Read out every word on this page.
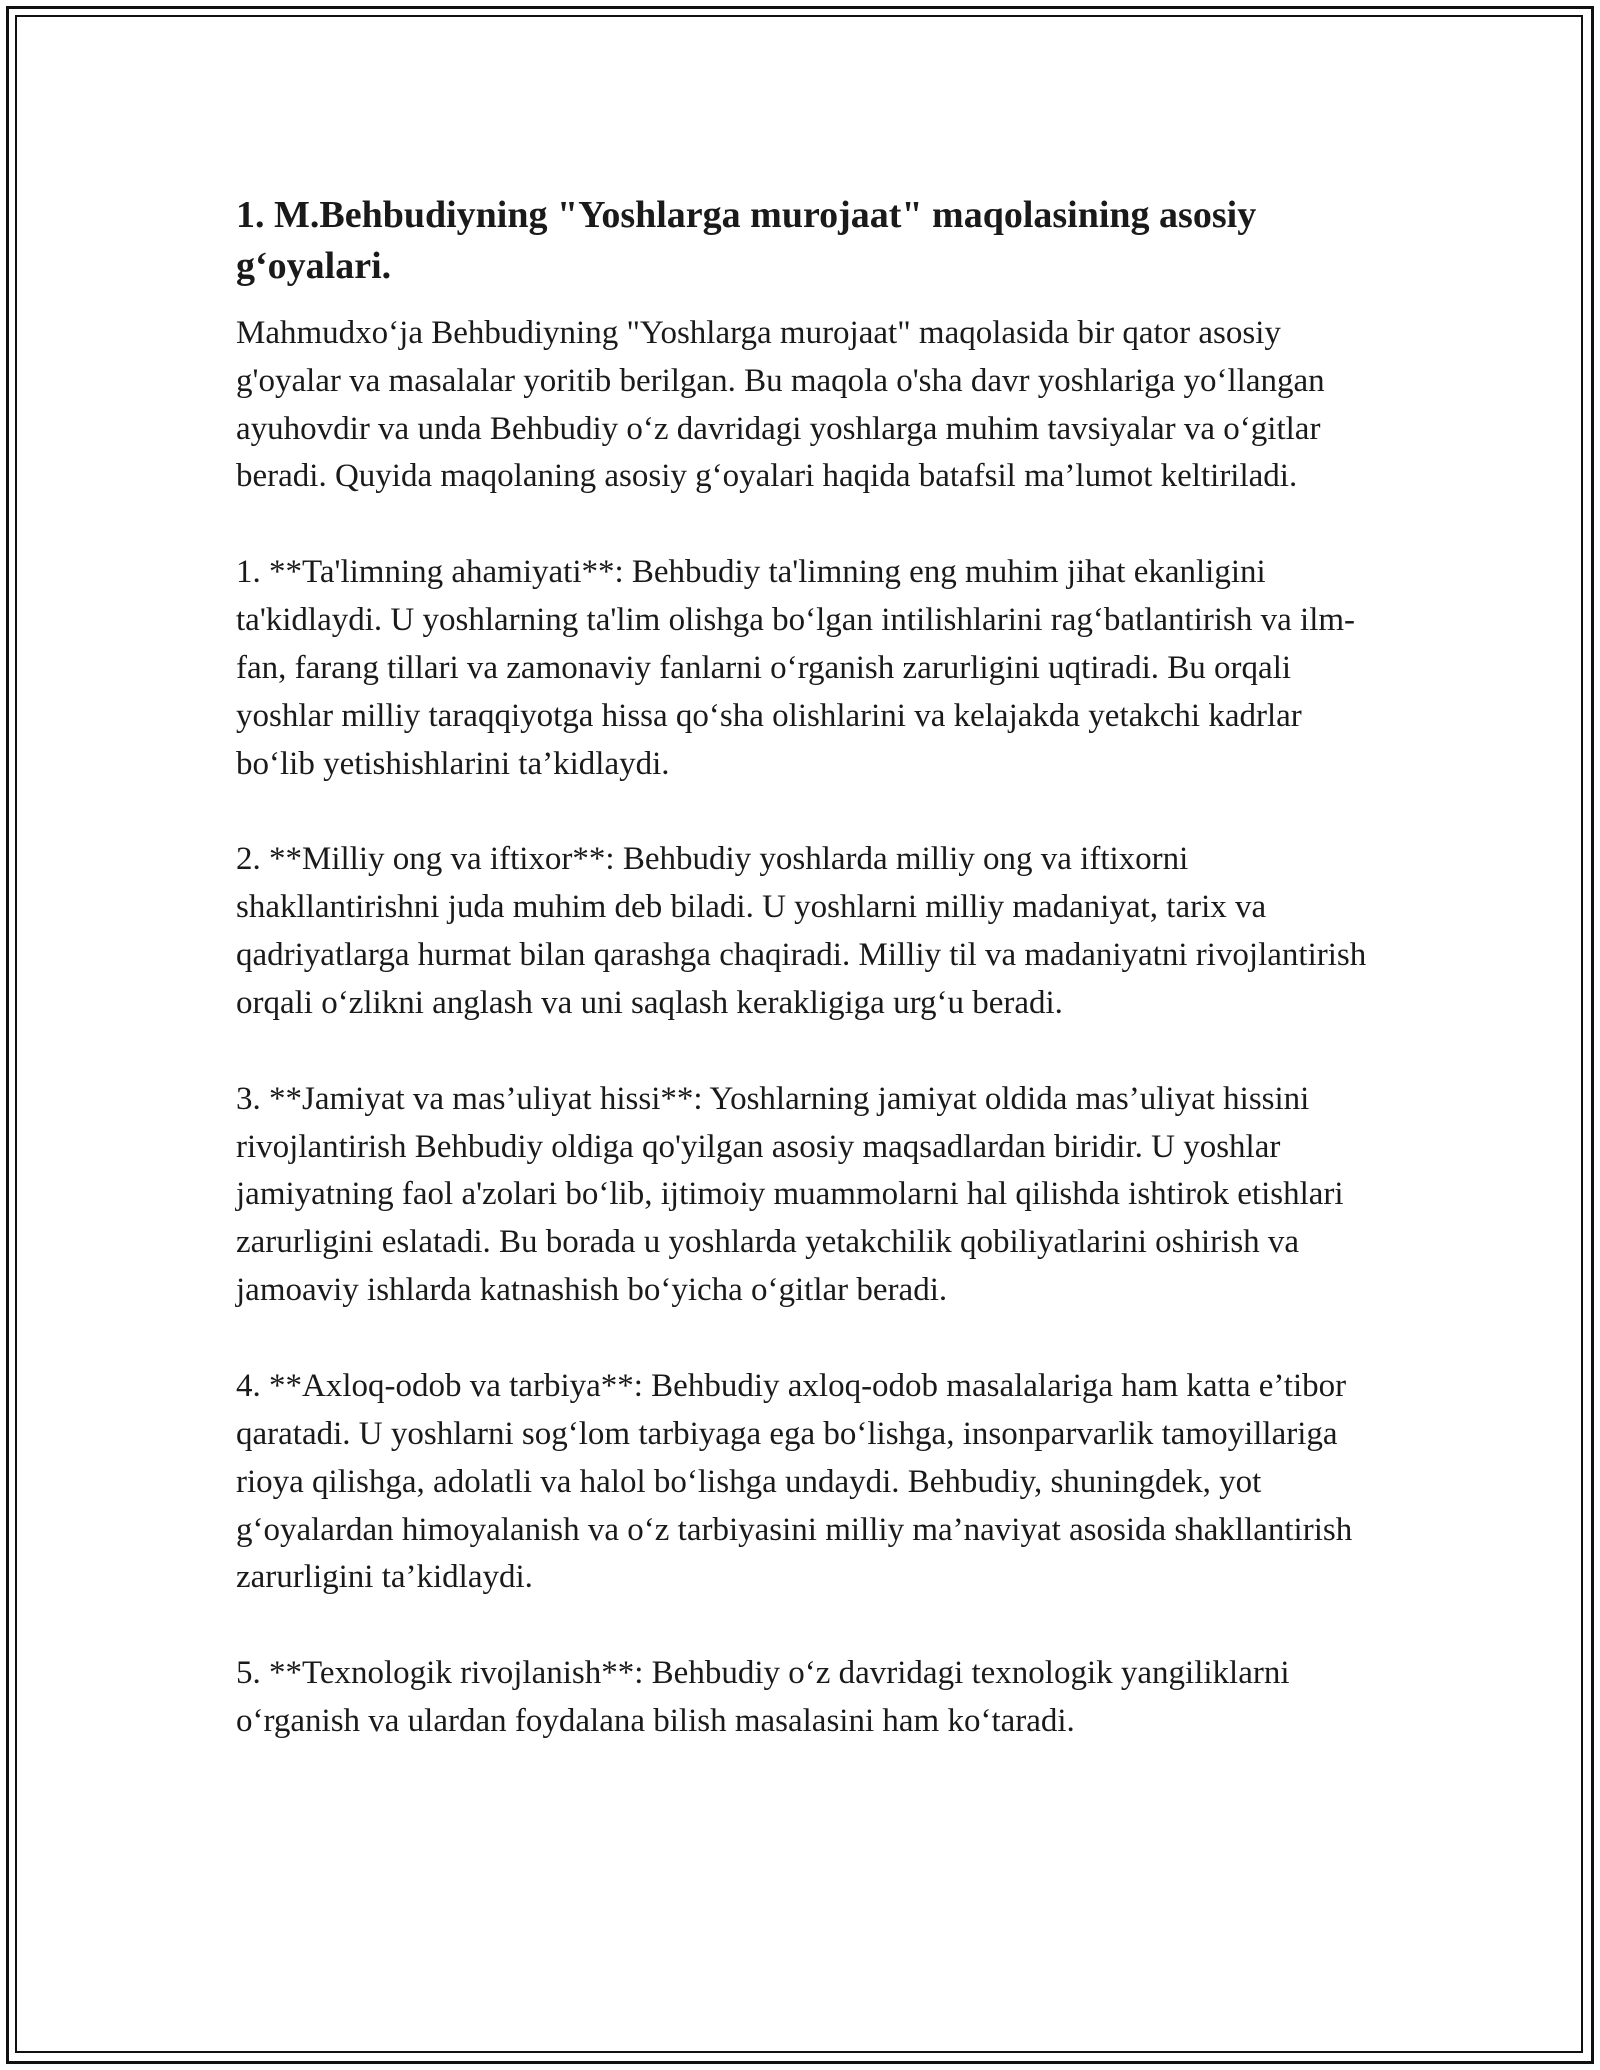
1. M.Behbudiyning "Yoshlarga murojaat" maqolasining asosiy g‘oyalari.

Mahmudxo‘ja Behbudiyning "Yoshlarga murojaat" maqolasida bir qator asosiy g'oyalar va masalalar yoritib berilgan. Bu maqola o'sha davr yoshlariga yo‘llangan ayuhovdir va unda Behbudiy o‘z davridagi yoshlarga muhim tavsiyalar va o‘gitlar beradi. Quyida maqolaning asosiy g‘oyalari haqida batafsil ma’lumot keltiriladi.

1. **Ta'limning ahamiyati**: Behbudiy ta'limning eng muhim jihat ekanligini ta'kidlaydi. U yoshlarning ta'lim olishga bo‘lgan intilishlarini rag‘batlantirish va ilm-fan, farang tillari va zamonaviy fanlarni o‘rganish zarurligini uqtiradi. Bu orqali yoshlar milliy taraqqiyotga hissa qo‘sha olishlarini va kelajakda yetakchi kadrlar bo‘lib yetishishlarini ta’kidlaydi.

2. **Milliy ong va iftixor**: Behbudiy yoshlarda milliy ong va iftixorni shakllantirishni juda muhim deb biladi. U yoshlarni milliy madaniyat, tarix va qadriyatlarga hurmat bilan qarashga chaqiradi. Milliy til va madaniyatni rivojlantirish orqali o‘zlikni anglash va uni saqlash kerakligiga urg‘u beradi.

3. **Jamiyat va mas’uliyat hissi**: Yoshlarning jamiyat oldida mas’uliyat hissini rivojlantirish Behbudiy oldiga qo'yilgan asosiy maqsadlardan biridir. U yoshlar jamiyatning faol a'zolari bo‘lib, ijtimoiy muammolarni hal qilishda ishtirok etishlari zarurligini eslatadi. Bu borada u yoshlarda yetakchilik qobiliyatlarini oshirish va jamoaviy ishlarda katnashish bo‘yicha o‘gitlar beradi.

4. **Axloq-odob va tarbiya**: Behbudiy axloq-odob masalalariga ham katta e’tibor qaratadi. U yoshlarni sog‘lom tarbiyaga ega bo‘lishga, insonparvarlik tamoyillariga rioya qilishga, adolatli va halol bo‘lishga undaydi. Behbudiy, shuningdek, yot g‘oyalardan himoyalanish va o‘z tarbiyasini milliy ma’naviyat asosida shakllantirish zarurligini ta’kidlaydi.

5. **Texnologik rivojlanish**: Behbudiy o‘z davridagi texnologik yangiliklarni o‘rganish va ulardan foydalana bilish masalasini ham ko‘taradi.
